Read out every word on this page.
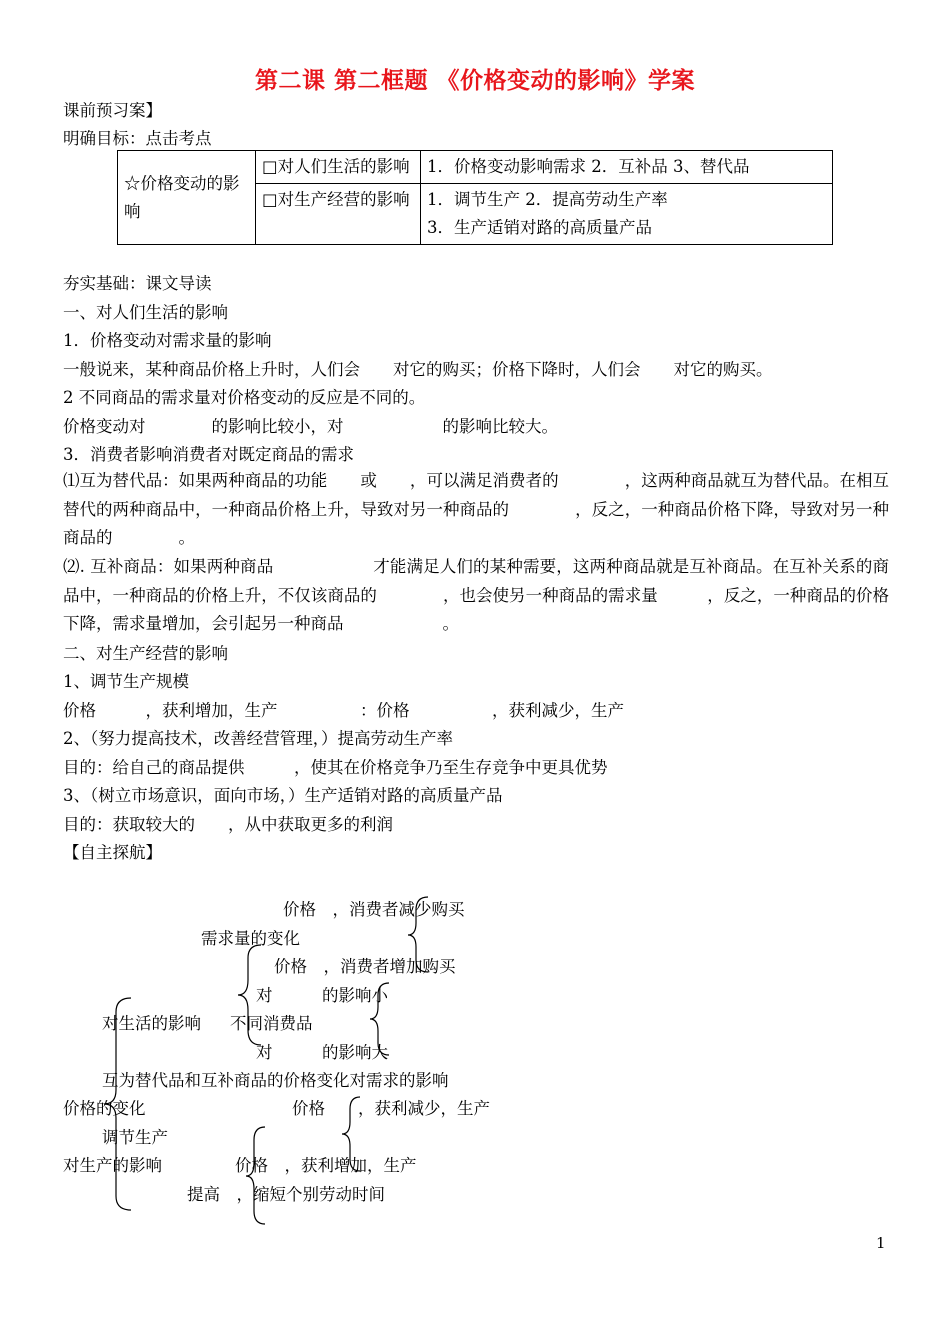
第二课 第二框题 《价格变动的影响》学案
课前预习案】
明确目标：点击考点
☆价格变动的影响	□对人们生活的影响	1．价格变动影响需求 2．互补品 3、替代品
	□对生产经营的影响	1．调节生产 2．提高劳动生产率
3．生产适销对路的高质量产品
夯实基础：课文导读
一、对人们生活的影响
1．价格变动对需求量的影响
一般说来，某种商品价格上升时，人们会　　对它的购买；价格下降时，人们会　　对它的购买。
2 不同商品的需求量对价格变动的反应是不同的。
价格变动对　　　　的影响比较小，对　　　　　　的影响比较大。
3．消费者影响消费者对既定商品的需求
⑴互为替代品：如果两种商品的功能　　或　　，可以满足消费者的　　　　，这两种商品就互为替代品。在相互替代的两种商品中，一种商品价格上升，导致对另一种商品的　　　　，反之，一种商品价格下降，导致对另一种商品的　　　　。
⑵. 互补商品：如果两种商品　　　　　　才能满足人们的某种需要，这两种商品就是互补商品。在互补关系的商品中，一种商品的价格上升，不仅该商品的　　　　，也会使另一种商品的需求量　　　，反之，一种商品的价格下降，需求量增加，会引起另一种商品　　　　　　。
二、对生产经营的影响
1、调节生产规模
价格　　　，获利增加，生产　　　　　：价格　　　　　，获利减少，生产
2、（努力提高技术，改善经营管理，）提高劳动生产率
目的：给自己的商品提供　　　，使其在价格竞争乃至生存竞争中更具优势
3、（树立市场意识，面向市场，）生产适销对路的高质量产品
目的：获取较大的　　，从中获取更多的利润
【自主探航】
价格　，消费者减少购买
需求量的变化
价格　，消费者增加购买
对　　　的影响小
对生活的影响 不同消费品
对　　　的影响大
互为替代品和互补商品的价格变化对需求的影响
价格的变化	价格　　，获利减少，生产
调节生产
对生产的影响	价格　，获利增加，生产
提高　，缩短个别劳动时间
1
